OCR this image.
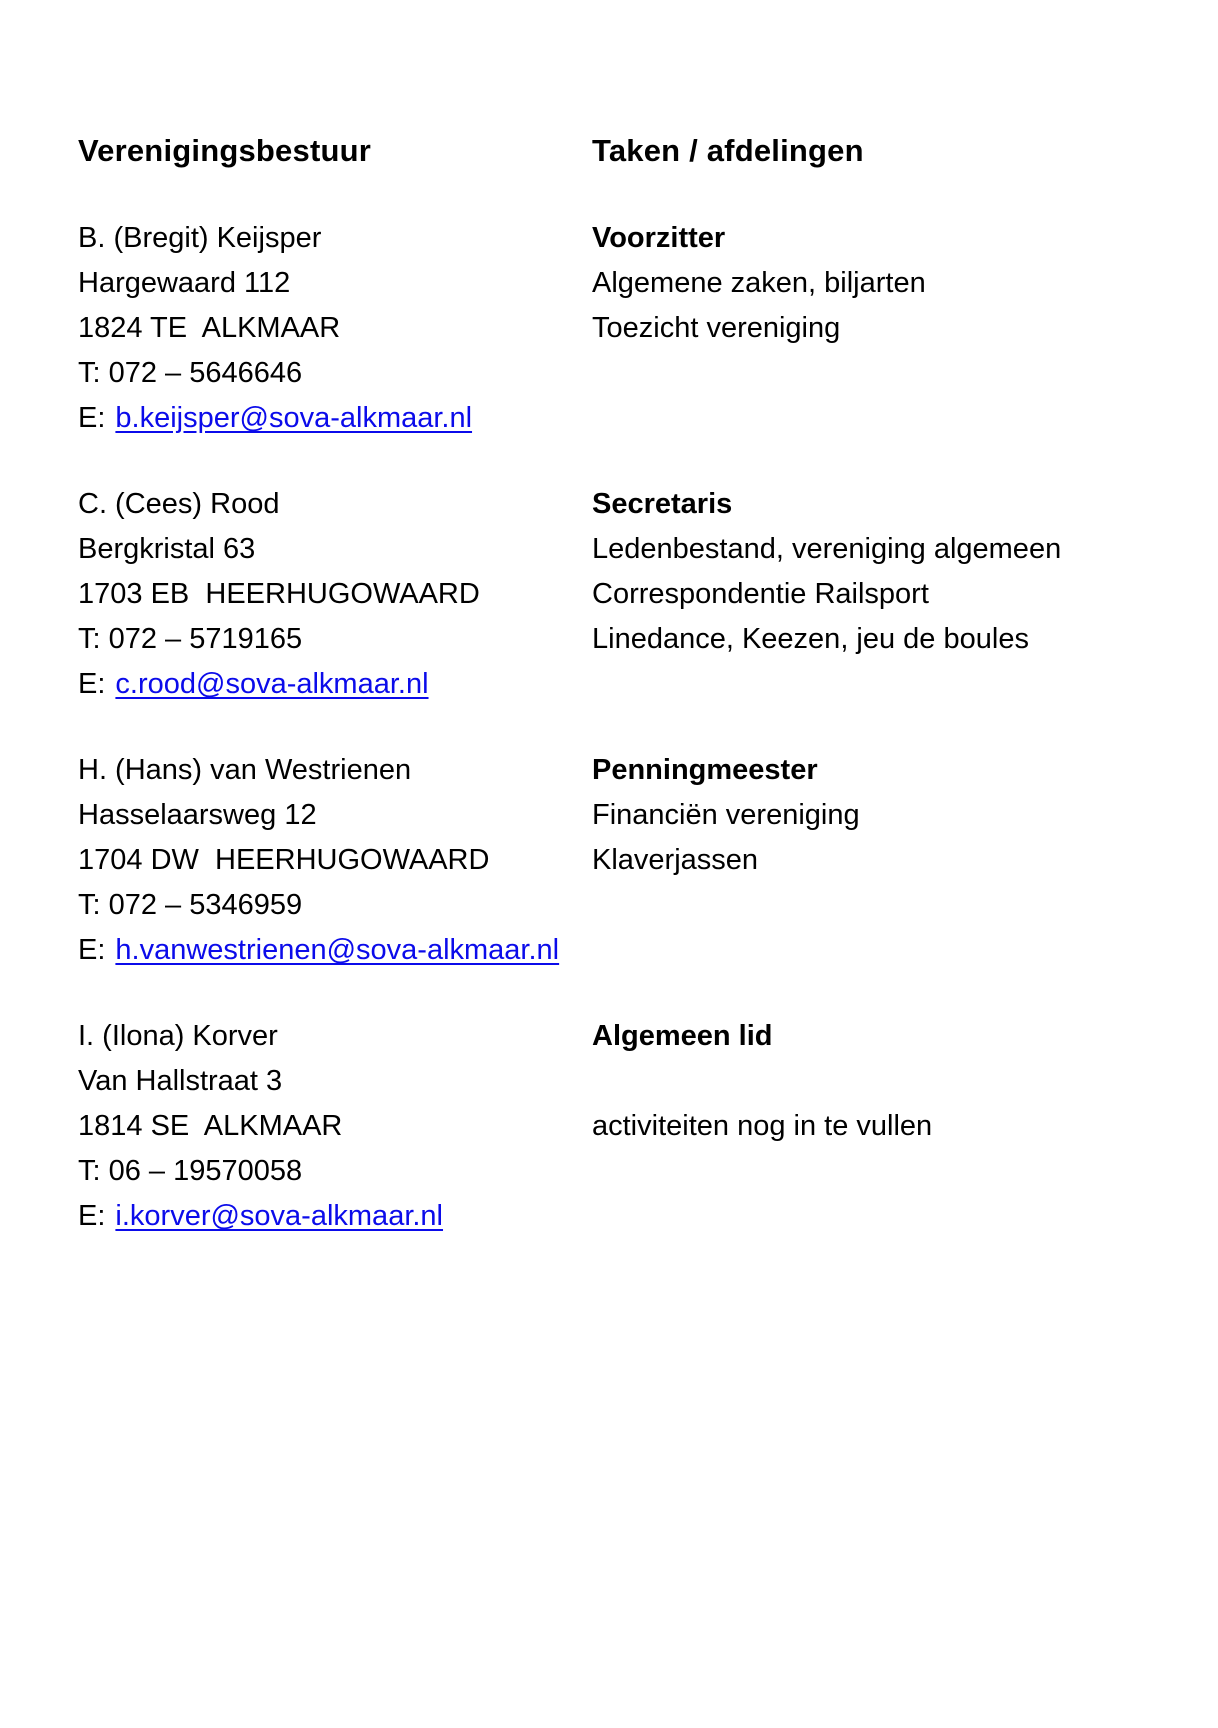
Verenigingsbestuur	Taken / afdelingen
B. (Bregit) Keijsper
Hargewaard 112
1824 TE  ALKMAAR
T: 072 – 5646646
E: b.keijsper@sova-alkmaar.nl
Voorzitter
Algemene zaken, biljarten
Toezicht vereniging
C. (Cees) Rood
Bergkristal 63
1703 EB  HEERHUGOWAARD
T: 072 – 5719165
E: c.rood@sova-alkmaar.nl
Secretaris
Ledenbestand, vereniging algemeen
Correspondentie Railsport
Linedance, Keezen, jeu de boules
H. (Hans) van Westrienen
Hasselaarsweg 12
1704 DW  HEERHUGOWAARD
T: 072 – 5346959
E: h.vanwestrienen@sova-alkmaar.nl
Penningmeester
Financiën vereniging
Klaverjassen
I. (Ilona) Korver
Van Hallstraat 3
1814 SE  ALKMAAR
T: 06 – 19570058
E: i.korver@sova-alkmaar.nl
Algemeen lid
activiteiten nog in te vullen
